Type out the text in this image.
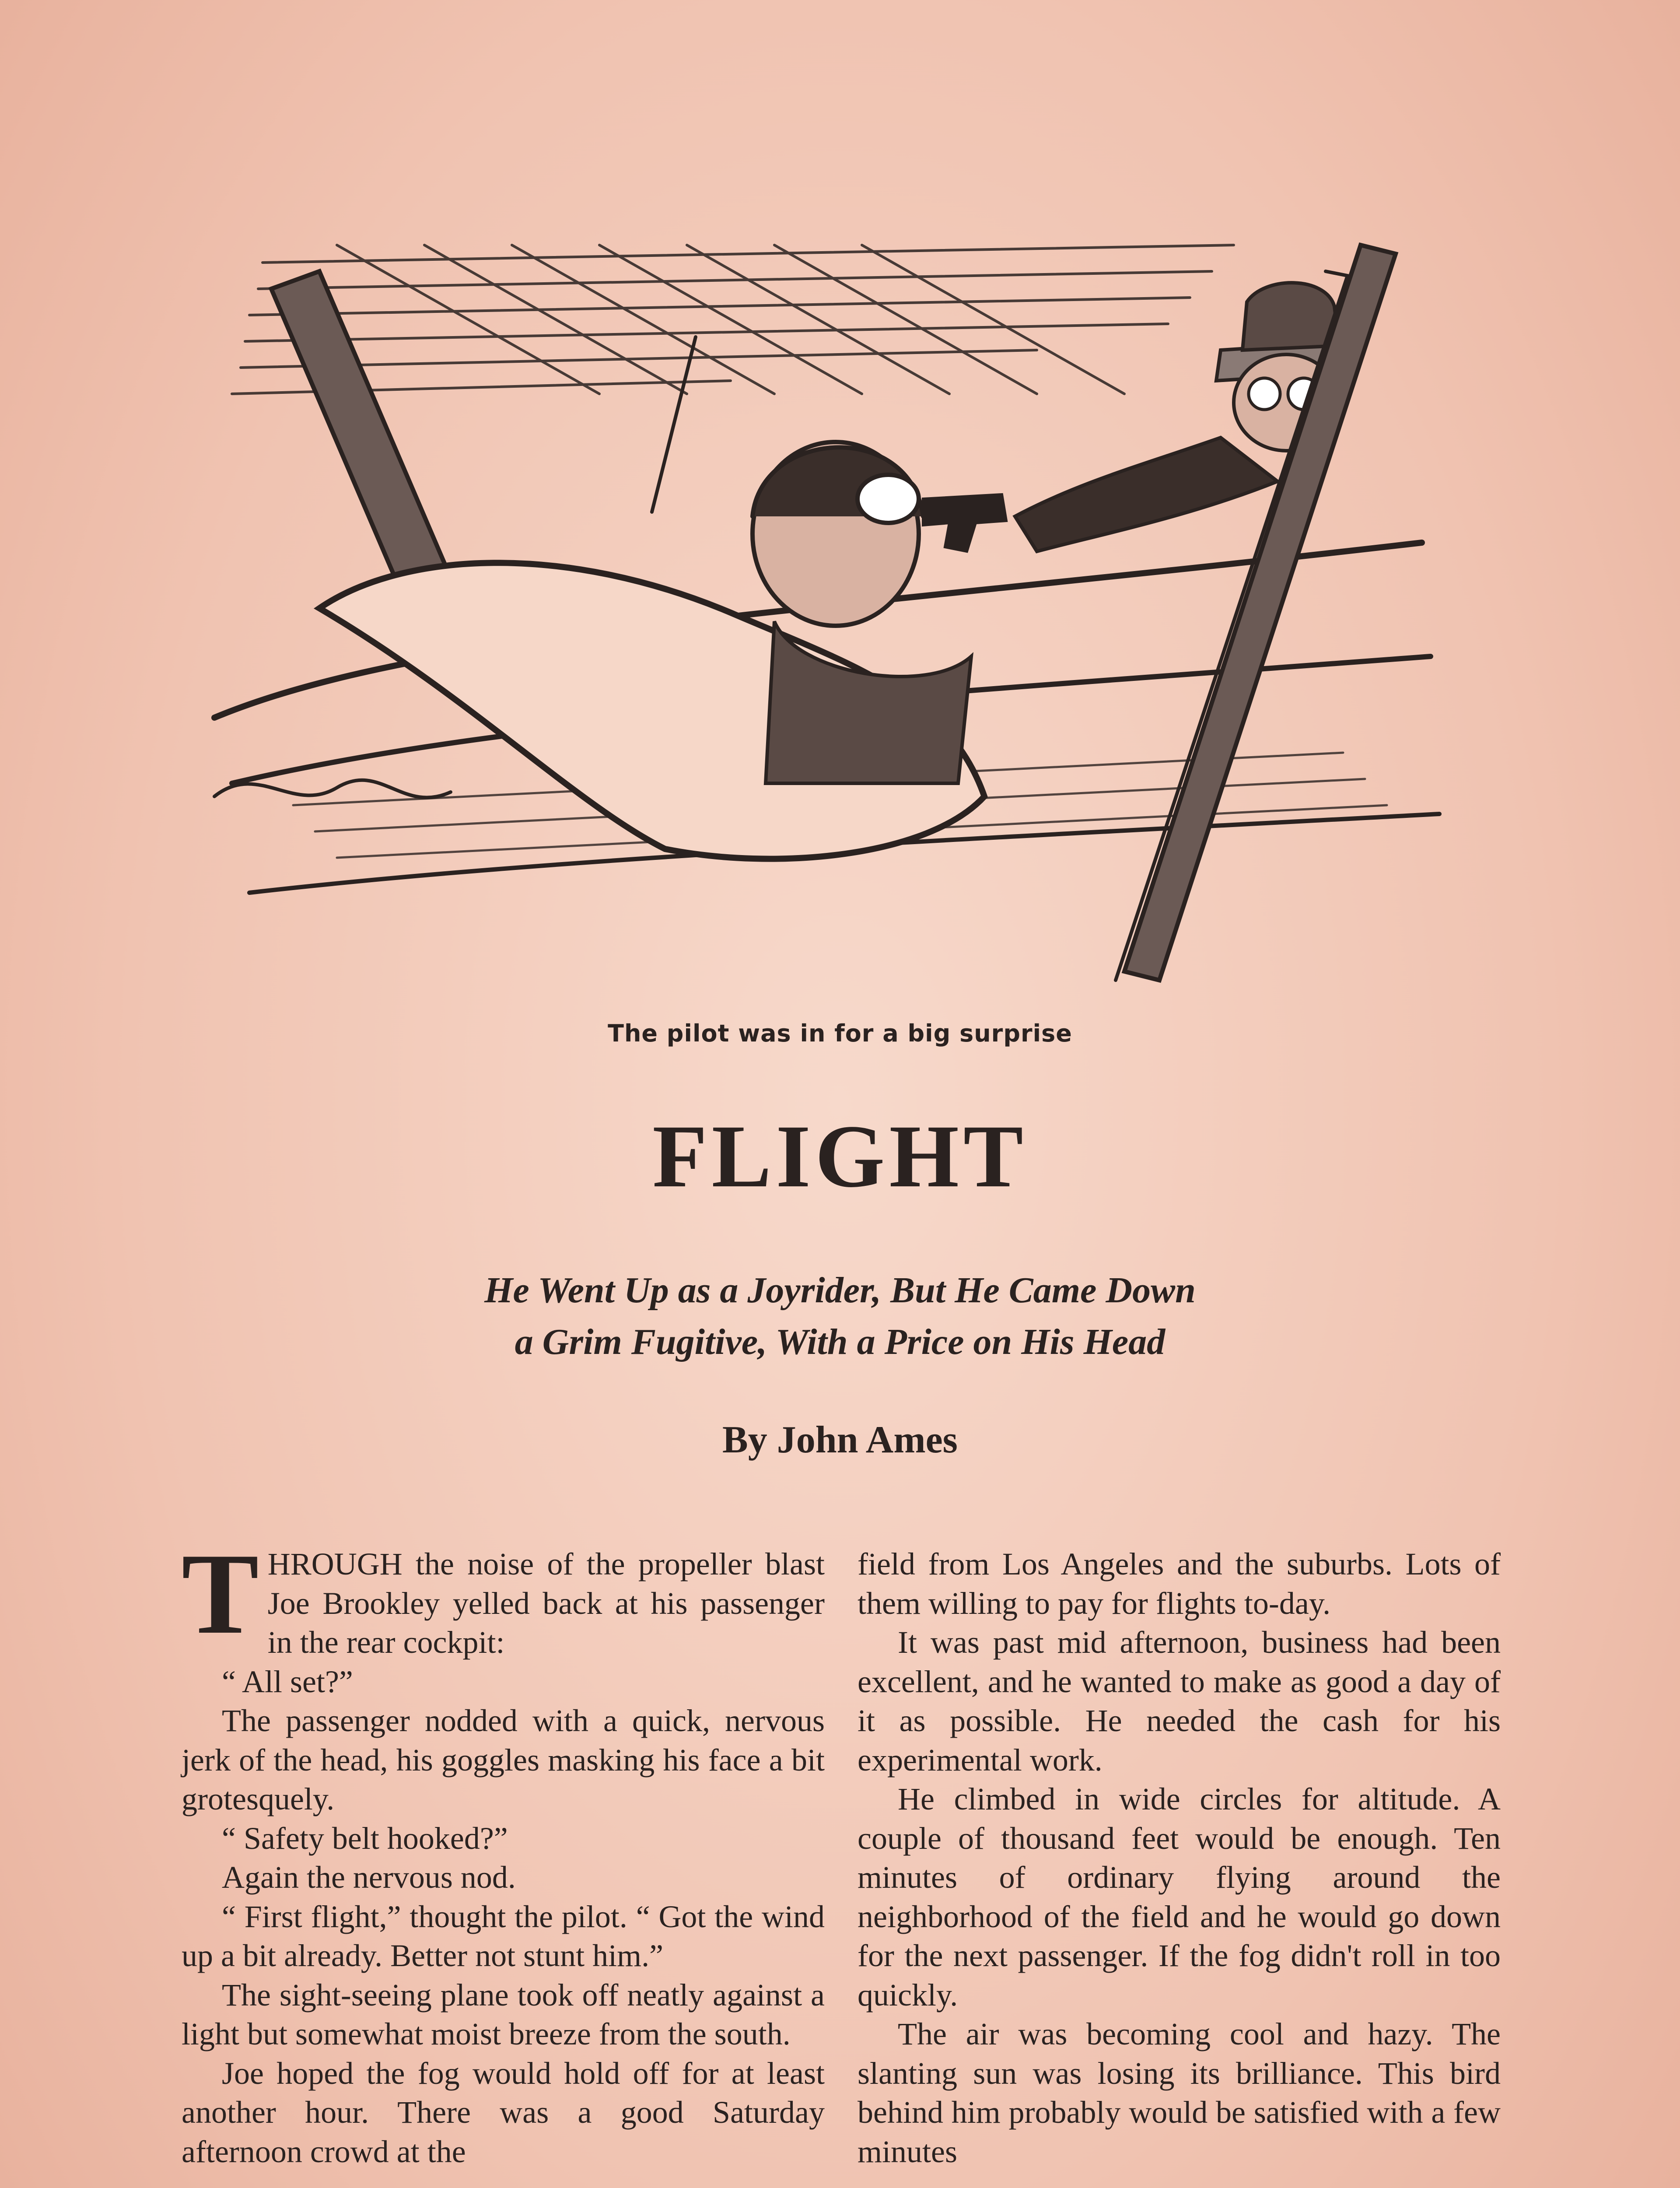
The pilot was in for a big surprise
FLIGHT
He Went Up as a Joyrider, But He Came Down
a Grim Fugitive, With a Price on His Head
By John Ames

THROUGH the noise of the propeller blast Joe Brookley yelled back at his passenger in the rear cockpit:

“ All set?”

The passenger nodded with a quick, nervous jerk of the head, his goggles masking his face a bit grotesquely.

“ Safety belt hooked?”

Again the nervous nod.

“ First flight,” thought the pilot. “ Got the wind up a bit already. Better not stunt him.”

The sight-seeing plane took off neatly against a light but somewhat moist breeze from the south.

Joe hoped the fog would hold off for at least another hour. There was a good Saturday afternoon crowd at the

field from Los Angeles and the suburbs. Lots of them willing to pay for flights to-day.

It was past mid afternoon, business had been excellent, and he wanted to make as good a day of it as possible. He needed the cash for his experimental work.

He climbed in wide circles for altitude. A couple of thousand feet would be enough. Ten minutes of ordinary flying around the neighborhood of the field and he would go down for the next passenger. If the fog didn't roll in too quickly.

The air was becoming cool and hazy. The slanting sun was losing its brilliance. This bird behind him probably would be satisfied with a few minutes
